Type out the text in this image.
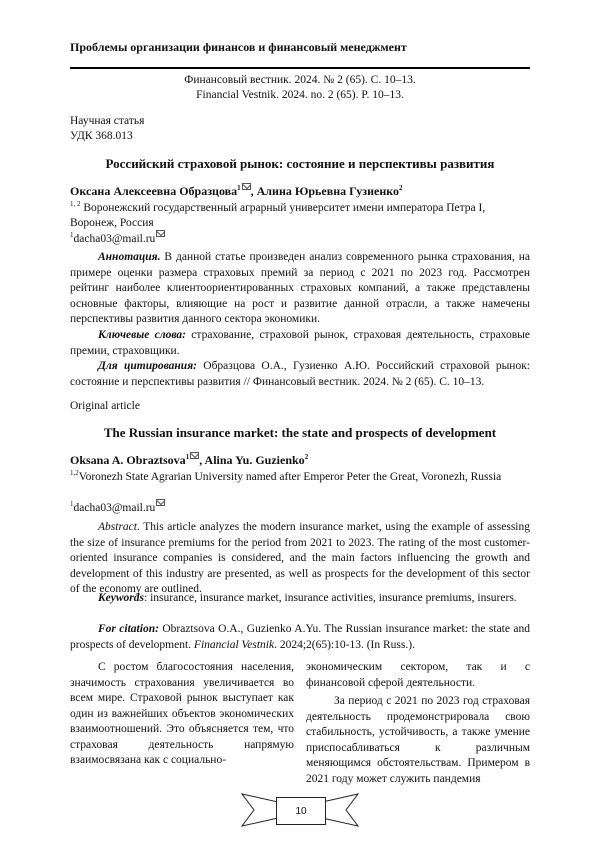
Проблемы организации финансов и финансовый менеджмент
Финансовый вестник. 2024. № 2 (65). С. 10–13.
Financial Vestnik. 2024. no. 2 (65). P. 10–13.
Научная статья
УДК 368.013
Российский страховой рынок: состояние и перспективы развития
Оксана Алексеевна Образцова$^1$ , Алина Юрьевна Гузиенко$^2$
$^{1, 2}$ Воронежский государственный аграрный университет имени императора Петра I, Воронеж, Россия
$^1$dacha03@mail.ru
Аннотация. В данной статье произведен анализ современного рынка страхования, на примере оценки размера страховых премий за период с 2021 по 2023 год. Рассмотрен рейтинг наиболее клиентоориентированных страховых компаний, а также представлены основные факторы, влияющие на рост и развитие данной отрасли, а также намечены перспективы развития данного сектора экономики.
Ключевые слова: страхование, страховой рынок, страховая деятельность, страховые премии, страховщики.
Для цитирования: Образцова О.А., Гузиенко А.Ю. Российский страховой рынок: состояние и перспективы развития // Финансовый вестник. 2024. № 2 (65). С. 10–13.
Original article
The Russian insurance market: the state and prospects of development
Oksana A. Obraztsova$^1$ , Alina Yu. Guzienko$^2$
$^{1,2}$Voronezh State Agrarian University named after Emperor Peter the Great, Voronezh, Russia
$^1$dacha03@mail.ru
Abstract. This article analyzes the modern insurance market, using the example of assessing the size of insurance premiums for the period from 2021 to 2023. The rating of the most customer-oriented insurance companies is considered, and the main factors influencing the growth and development of this industry are presented, as well as prospects for the development of this sector of the economy are outlined.
Keywords: insurance, insurance market, insurance activities, insurance premiums, insurers.
For citation: Obraztsova O.A., Guzienko A.Yu. The Russian insurance market: the state and prospects of development. Financial Vestnik. 2024;2(65):10-13. (In Russ.).
С ростом благосостояния населения, значимость страхования увеличивается во всем мире. Страховой рынок выступает как один из важнейших объектов экономических взаимоотношений. Это объясняется тем, что страховая деятельность напрямую взаимосвязана как с социально-
экономическим сектором, так и с финансовой сферой деятельности.
За период с 2021 по 2023 год страховая деятельность продемонстрировала свою стабильность, устойчивость, а также умение приспосабливаться к различным меняющимся обстоятельствам. Примером в 2021 году может служить пандемия
10
